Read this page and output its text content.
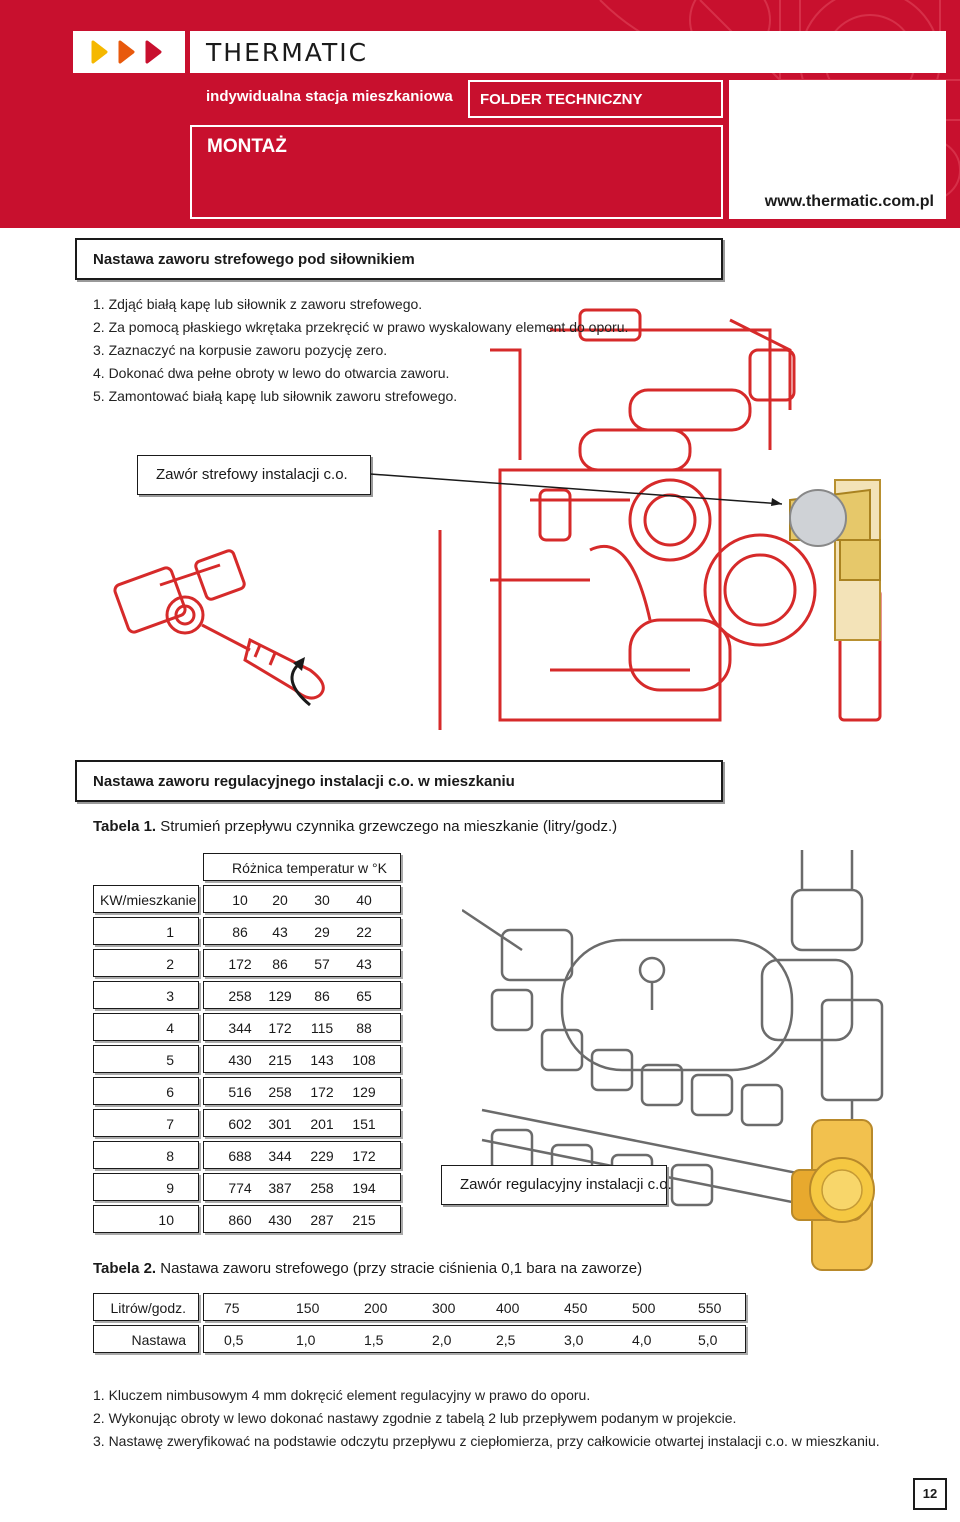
THERMATIC
indywidualna stacja mieszkaniowa FOLDER TECHNICZNY
MONTAŻ
www.thermatic.com.pl
Nastawa zaworu strefowego pod siłownikiem

1. Zdjąć białą kapę lub siłownik z zaworu strefowego.

2. Za pomocą płaskiego wkrętaka przekręcić w prawo wyskalowany element do oporu.

3. Zaznaczyć na korpusie zaworu pozycję zero.

4. Dokonać dwa pełne obroty w lewo do otwarcia zaworu.

5. Zamontować białą kapę lub siłownik zaworu strefowego.

Zawór strefowy instalacji c.o.
Nastawa zaworu regulacyjnego instalacji c.o. w mieszkaniu
Tabela 1. Strumień przepływu czynnika grzewczego na mieszkanie (litry/godz.)
Różnica temperatur w °K
KW/mieszkanie	10	20	30	40
1	86	43	29	22
2	172	86	57	43
3	258	129	86	65
4	344	172	115	88
5	430	215	143	108
6	516	258	172	129
7	602	301	201	151
8	688	344	229	172
9	774	387	258	194
10	860	430	287	215
Zawór regulacyjny instalacji c.o.
Tabela 2. Nastawa zaworu strefowego (przy stracie ciśnienia 0,1 bara na zaworze)
Litrów/godz.	75	150	200	300	400	450	500	550
Nastawa	0,5	1,0	1,5	2,0	2,5	3,0	4,0	5,0

1. Kluczem nimbusowym 4 mm dokręcić element regulacyjny w prawo do oporu.

2. Wykonując obroty w lewo dokonać nastawy zgodnie z tabelą 2 lub przepływem podanym w projekcie.

3. Nastawę zweryfikować na podstawie odczytu przepływu z ciepłomierza, przy całkowicie otwartej instalacji c.o. w mieszkaniu.

12
